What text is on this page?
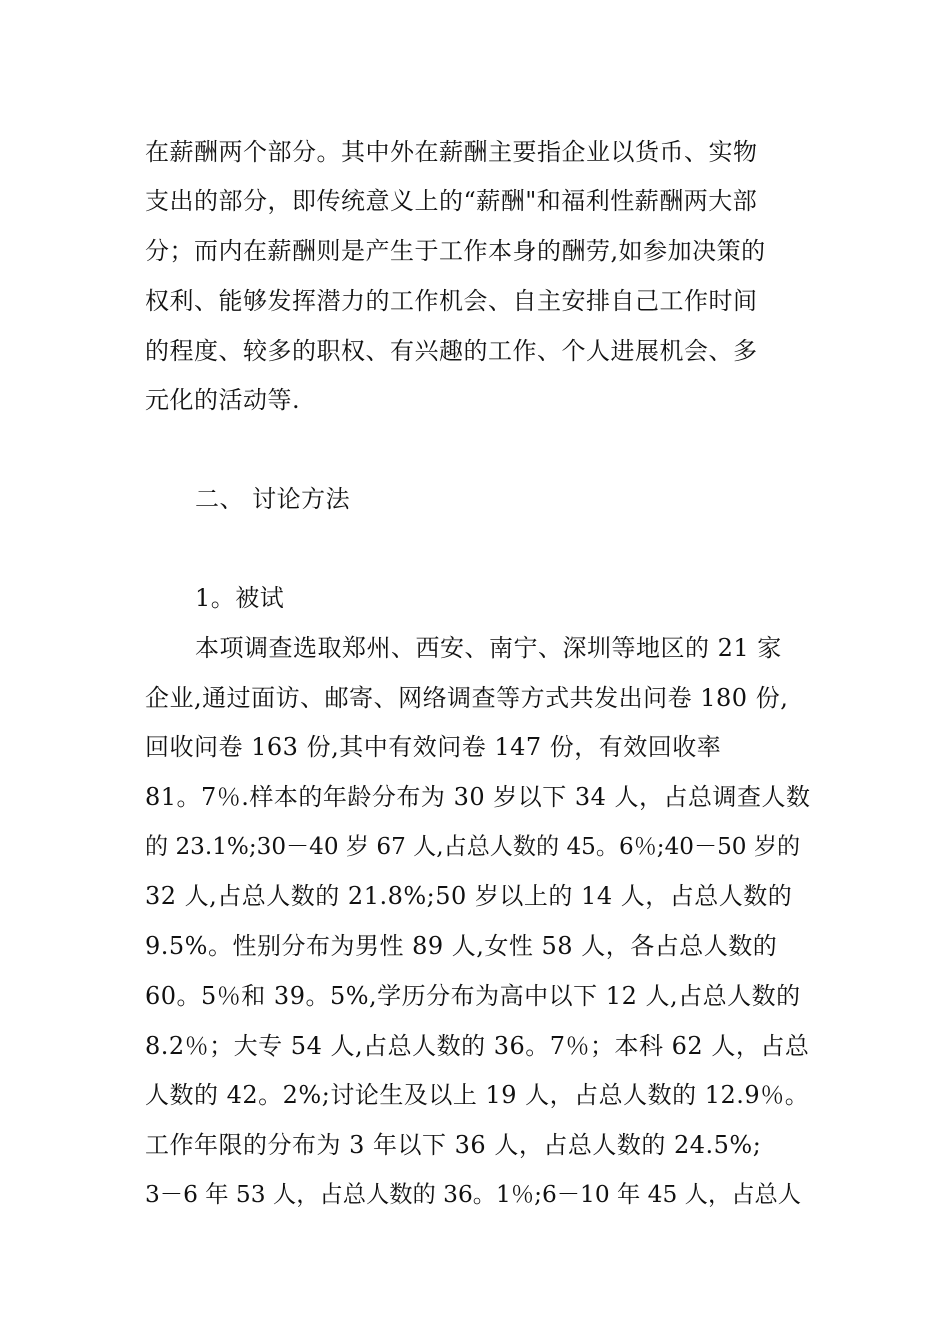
在薪酬两个部分。其中外在薪酬主要指企业以货币、实物
支出的部分，即传统意义上的“薪酬"和福利性薪酬两大部
分；而内在薪酬则是产生于工作本身的酬劳,如参加决策的
权利、能够发挥潜力的工作机会、自主安排自己工作时间
的程度、较多的职权、有兴趣的工作、个人进展机会、多
元化的活动等.
二、 讨论方法
1。被试
本项调查选取郑州、西安、南宁、深圳等地区的 21 家
企业,通过面访、邮寄、网络调查等方式共发出问卷 180 份,
回收问卷 163 份,其中有效问卷 147 份，有效回收率
81。7％.样本的年龄分布为 30 岁以下 34 人，占总调查人数
的 23.1%;30－40 岁 67 人,占总人数的 45。6％;40－50 岁的
32 人,占总人数的 21.8%;50 岁以上的 14 人，占总人数的
9.5%。性别分布为男性 89 人,女性 58 人，各占总人数的
60。5％和 39。5%,学历分布为高中以下 12 人,占总人数的
8.2％；大专 54 人,占总人数的 36。7％；本科 62 人，占总
人数的 42。2%;讨论生及以上 19 人，占总人数的 12.9％。
工作年限的分布为 3 年以下 36 人，占总人数的 24.5%;
3－6 年 53 人，占总人数的 36。1％;6－10 年 45 人，占总人
